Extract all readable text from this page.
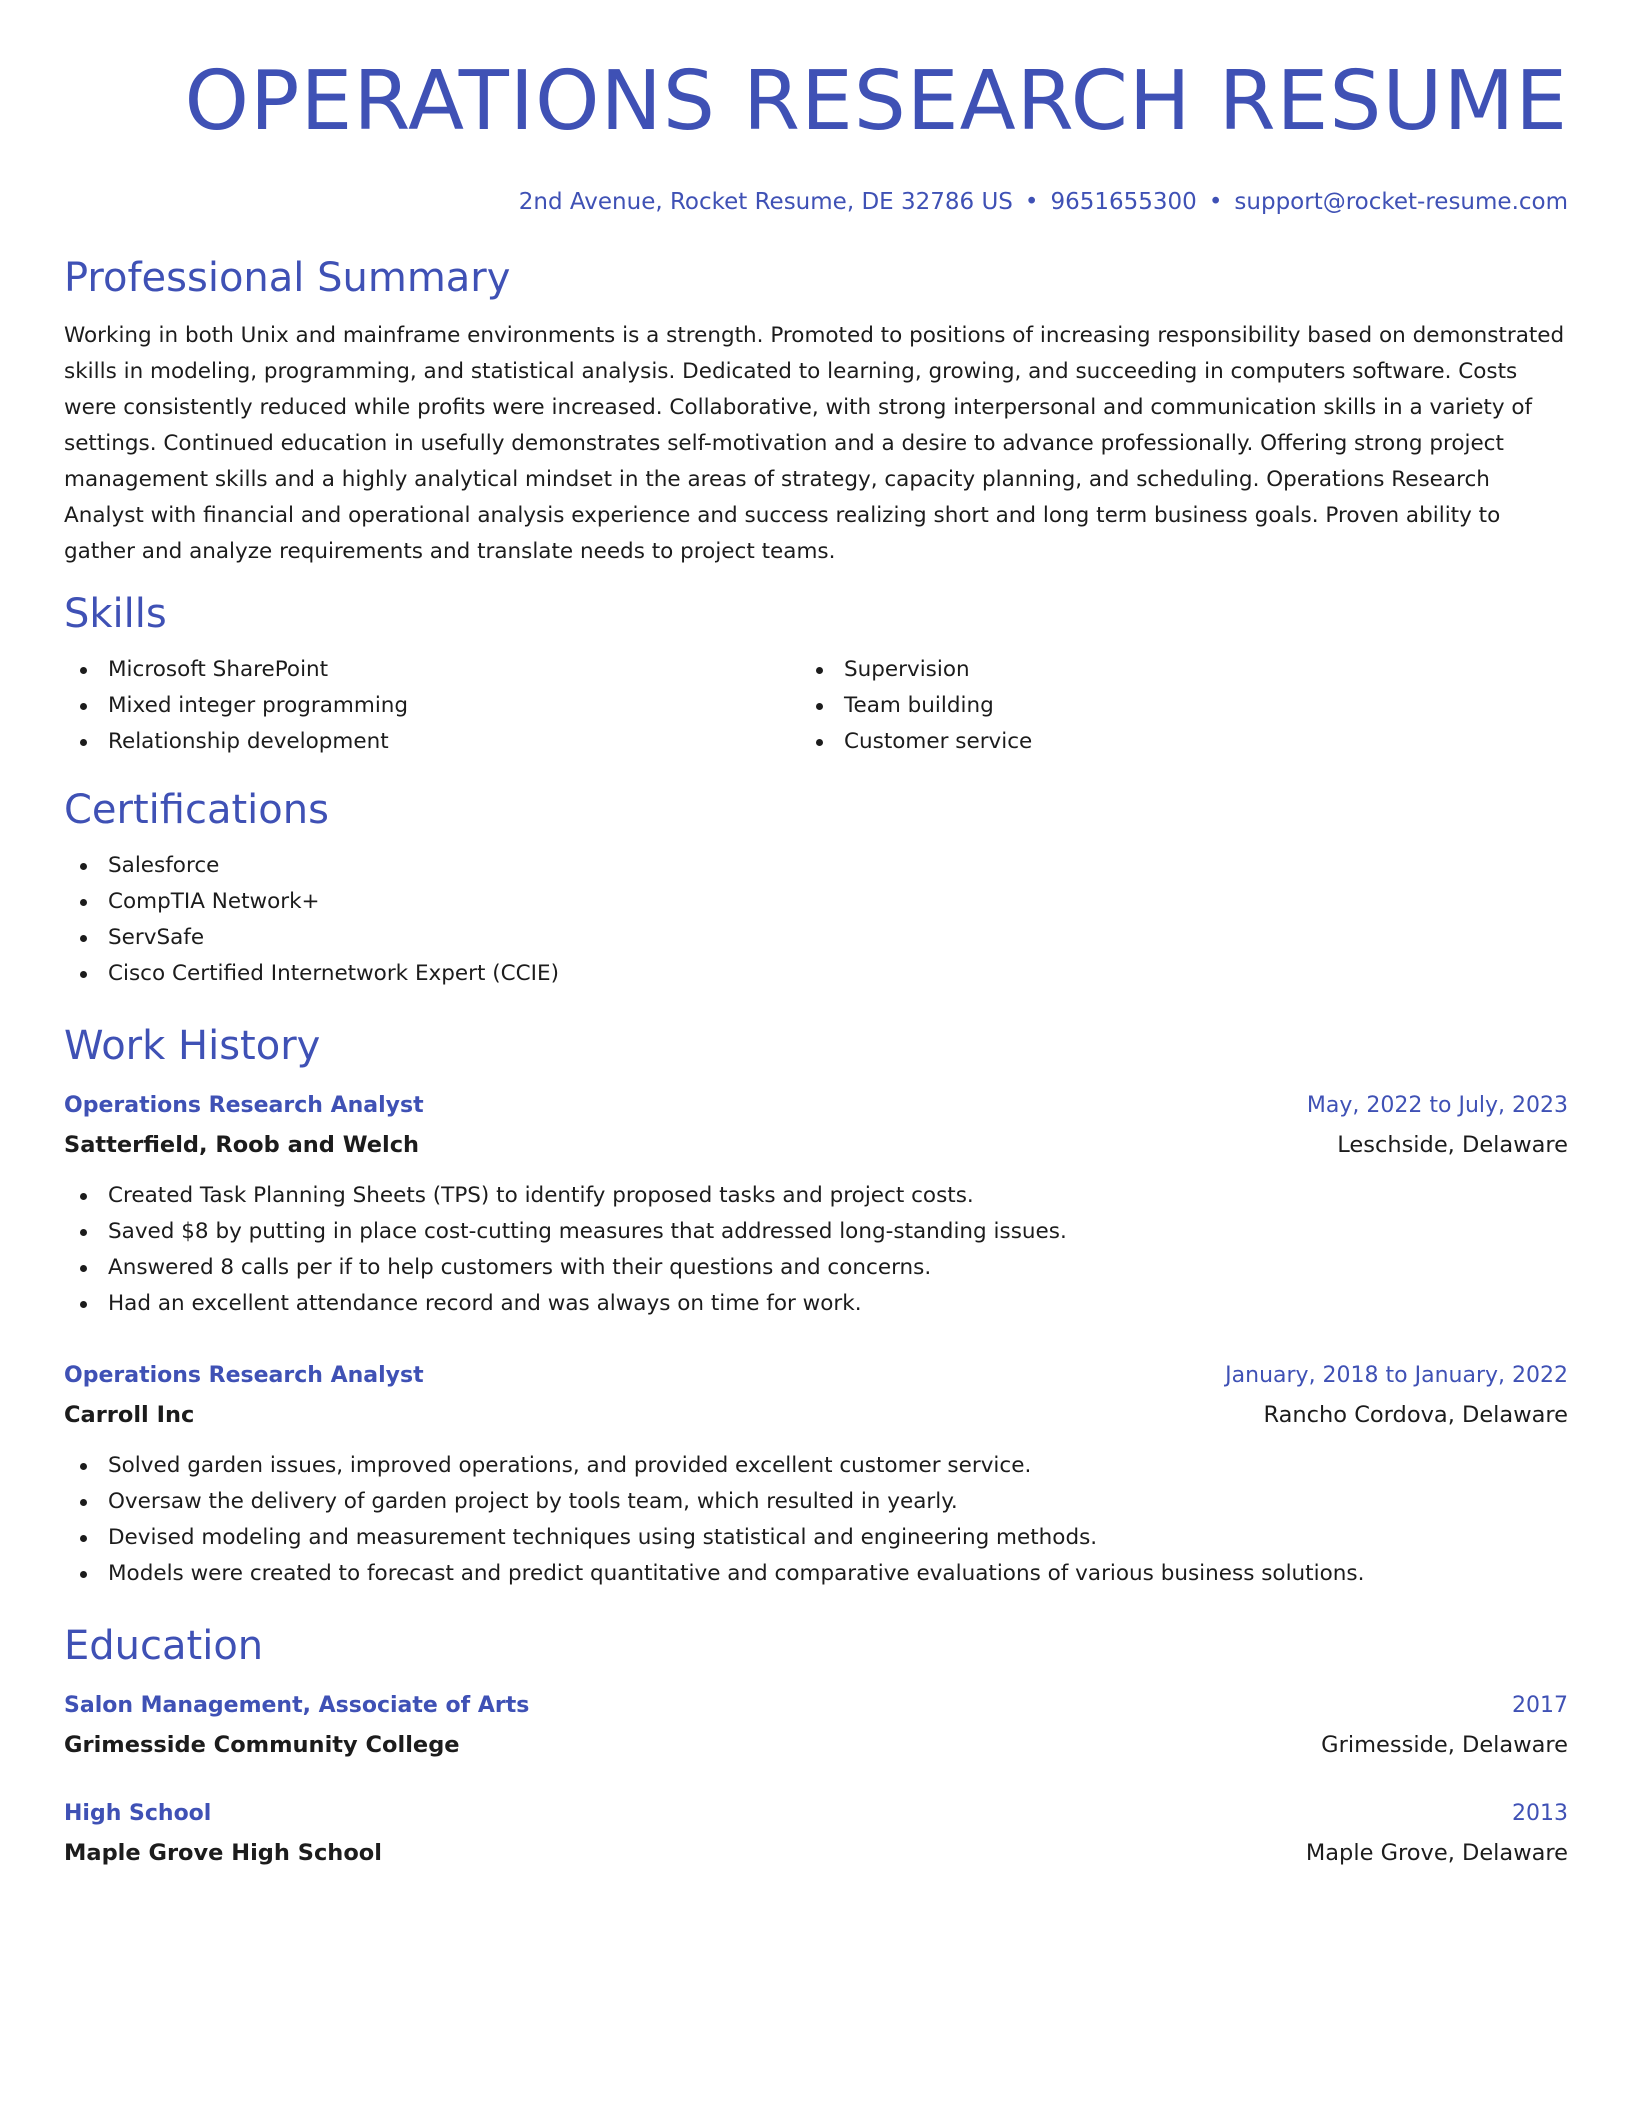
OPERATIONS RESEARCH RESUME
2nd Avenue, Rocket Resume, DE 32786 US • 9651655300 • support@rocket-resume.com
Professional Summary
Working in both Unix and mainframe environments is a strength. Promoted to positions of increasing responsibility based on demonstrated skills in modeling, programming, and statistical analysis. Dedicated to learning, growing, and succeeding in computers software. Costs were consistently reduced while profits were increased. Collaborative, with strong interpersonal and communication skills in a variety of settings. Continued education in usefully demonstrates self-motivation and a desire to advance professionally. Offering strong project management skills and a highly analytical mindset in the areas of strategy, capacity planning, and scheduling. Operations Research Analyst with financial and operational analysis experience and success realizing short and long term business goals. Proven ability to gather and analyze requirements and translate needs to project teams.
Skills
Microsoft SharePoint
Mixed integer programming
Relationship development
Supervision
Team building
Customer service
Certifications
Salesforce
CompTIA Network+
ServSafe
Cisco Certified Internetwork Expert (CCIE)
Work History
Operations Research Analyst	May, 2022 to July, 2023
Satterfield, Roob and Welch	Leschside, Delaware
Created Task Planning Sheets (TPS) to identify proposed tasks and project costs.
Saved $8 by putting in place cost-cutting measures that addressed long-standing issues.
Answered 8 calls per if to help customers with their questions and concerns.
Had an excellent attendance record and was always on time for work.
Operations Research Analyst	January, 2018 to January, 2022
Carroll Inc	Rancho Cordova, Delaware
Solved garden issues, improved operations, and provided excellent customer service.
Oversaw the delivery of garden project by tools team, which resulted in yearly.
Devised modeling and measurement techniques using statistical and engineering methods.
Models were created to forecast and predict quantitative and comparative evaluations of various business solutions.
Education
Salon Management, Associate of Arts	2017
Grimesside Community College	Grimesside, Delaware
High School	2013
Maple Grove High School	Maple Grove, Delaware
